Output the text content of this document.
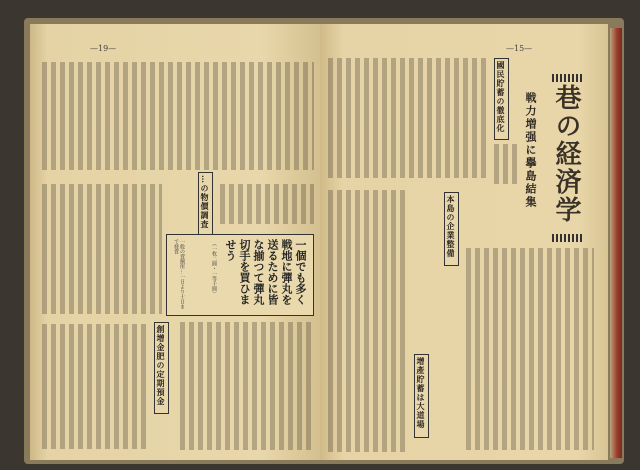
—19—
…の物價調査
一個でも多く戦地に彈丸を送るために皆な揃つて彈丸切手を買ひませう
（一枚二圓・一等千圓）
一般の賣捌所…一日より十日まで發賣
創增金肥の定期預金
—15—
國民貯蓄の徹底化 巷の経済学
戦力増强に擧島結集
本島の企業整備
增產貯蓄は大道場
